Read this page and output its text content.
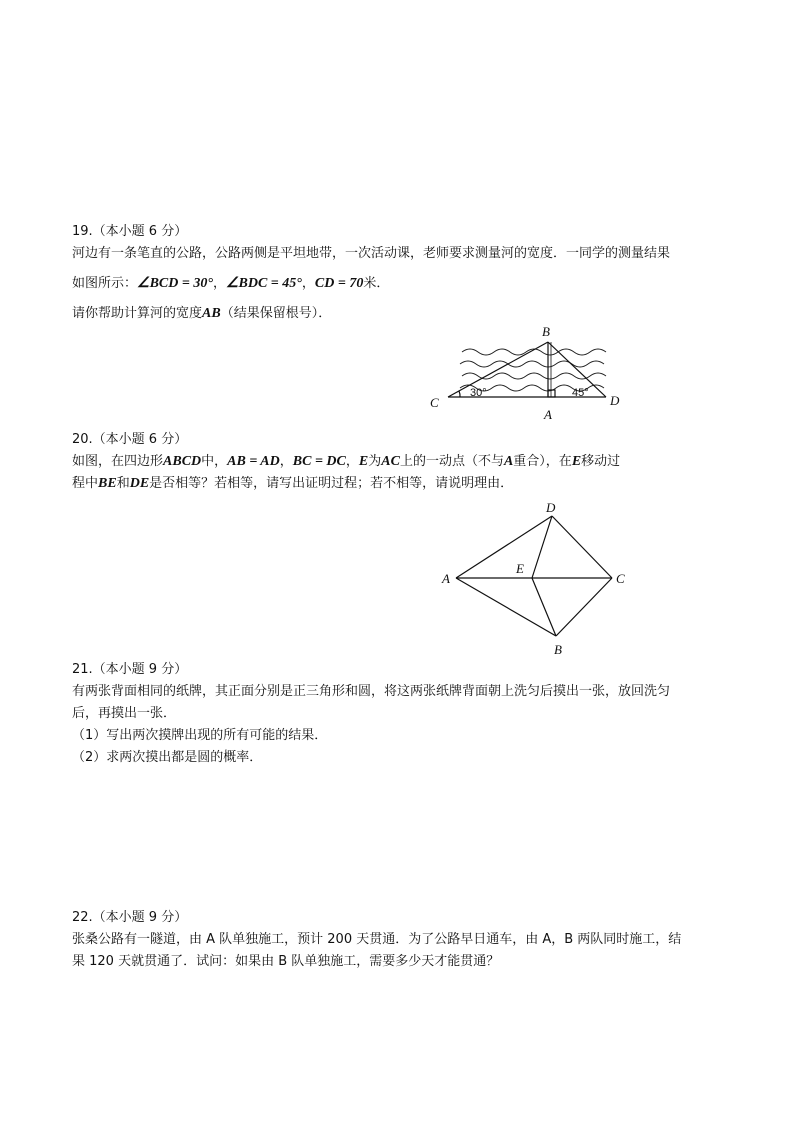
19.（本小题 6 分）

河边有一条笔直的公路，公路两侧是平坦地带，一次活动课，老师要求测量河的宽度．一同学的测量结果

如图所示：∠BCD = 30°，∠BDC = 45°，CD = 70米．

请你帮助计算河的宽度AB（结果保留根号）．

B
C
A
D
30°	45°

20.（本小题 6 分）

如图，在四边形ABCD中，AB = AD，BC = DC，E为AC上的一动点（不与A重合），在E移动过

程中BE和DE是否相等？若相等，请写出证明过程；若不相等，请说明理由．

D
A
E
C
B

21.（本小题 9 分）

有两张背面相同的纸牌，其正面分别是正三角形和圆，将这两张纸牌背面朝上洗匀后摸出一张，放回洗匀

后，再摸出一张．

（1）写出两次摸牌出现的所有可能的结果．

（2）求两次摸出都是圆的概率．

22.（本小题 9 分）

张桑公路有一隧道，由 A 队单独施工，预计 200 天贯通．为了公路早日通车，由 A，B 两队同时施工，结

果 120 天就贯通了．试问：如果由 B 队单独施工，需要多少天才能贯通？
